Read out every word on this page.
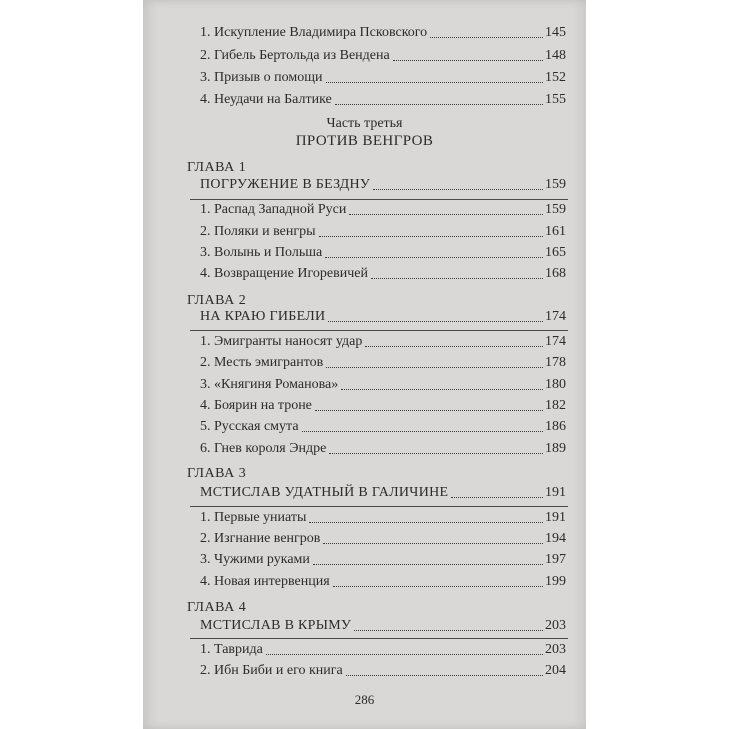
1. Искупление Владимира Псковского	145
2. Гибель Бертольда из Вендена	148
3. Призыв о помощи	152
4. Неудачи на Балтике	155
Часть третья
ПРОТИВ ВЕНГРОВ
ГЛАВА 1
ПОГРУЖЕНИЕ В БЕЗДНУ	159
1. Распад Западной Руси	159
2. Поляки и венгры	161
3. Волынь и Польша	165
4. Возвращение Игоревичей	168
ГЛАВА 2
НА КРАЮ ГИБЕЛИ	174
1. Эмигранты наносят удар	174
2. Месть эмигрантов	178
3. «Княгиня Романова»	180
4. Боярин на троне	182
5. Русская смута	186
6. Гнев короля Эндре	189
ГЛАВА 3
МСТИСЛАВ УДАТНЫЙ В ГАЛИЧИНЕ	191
1. Первые униаты	191
2. Изгнание венгров	194
3. Чужими руками	197
4. Новая интервенция	199
ГЛАВА 4
МСТИСЛАВ В КРЫМУ	203
1. Таврида	203
2. Ибн Биби и его книга	204
286
